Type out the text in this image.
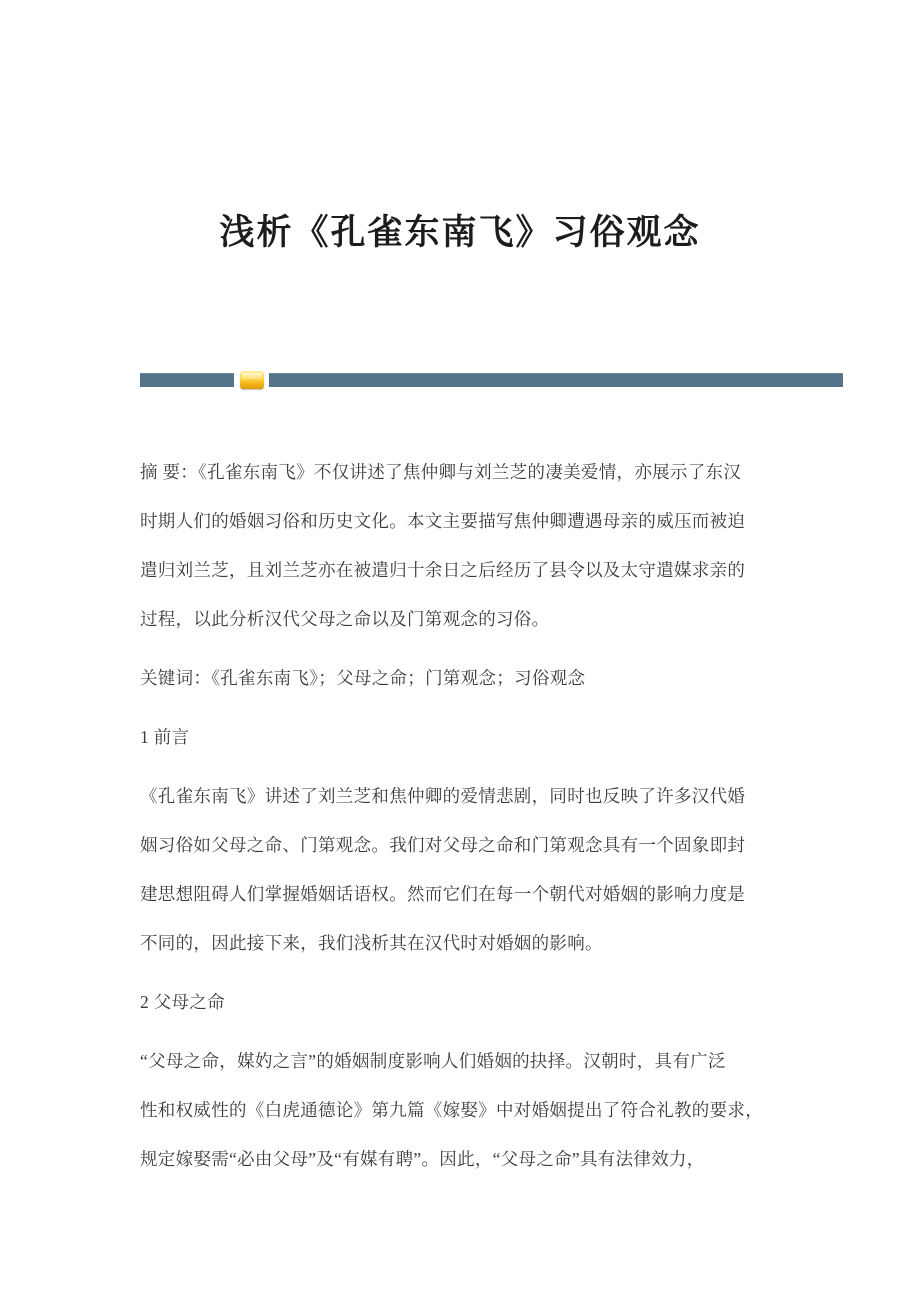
浅析《孔雀东南飞》习俗观念

摘 要：《孔雀东南飞》不仅讲述了焦仲卿与刘兰芝的凄美爱情，亦展示了东汉
时期人们的婚姻习俗和历史文化。本文主要描写焦仲卿遭遇母亲的威压而被迫
遣归刘兰芝，且刘兰芝亦在被遣归十余日之后经历了县令以及太守遣媒求亲的
过程，以此分析汉代父母之命以及门第观念的习俗。

关键词：《孔雀东南飞》；父母之命；门第观念；习俗观念

1 前言

《孔雀东南飞》讲述了刘兰芝和焦仲卿的爱情悲剧，同时也反映了许多汉代婚
姻习俗如父母之命、门第观念。我们对父母之命和门第观念具有一个固象即封
建思想阻碍人们掌握婚姻话语权。然而它们在每一个朝代对婚姻的影响力度是
不同的，因此接下来，我们浅析其在汉代时对婚姻的影响。

2 父母之命

“父母之命，媒妁之言”的婚姻制度影响人们婚姻的抉择。汉朝时，具有广泛
性和权威性的《白虎通德论》第九篇《嫁娶》中对婚姻提出了符合礼教的要求，
规定嫁娶需“必由父母”及“有媒有聘”。因此，“父母之命”具有法律效力，
